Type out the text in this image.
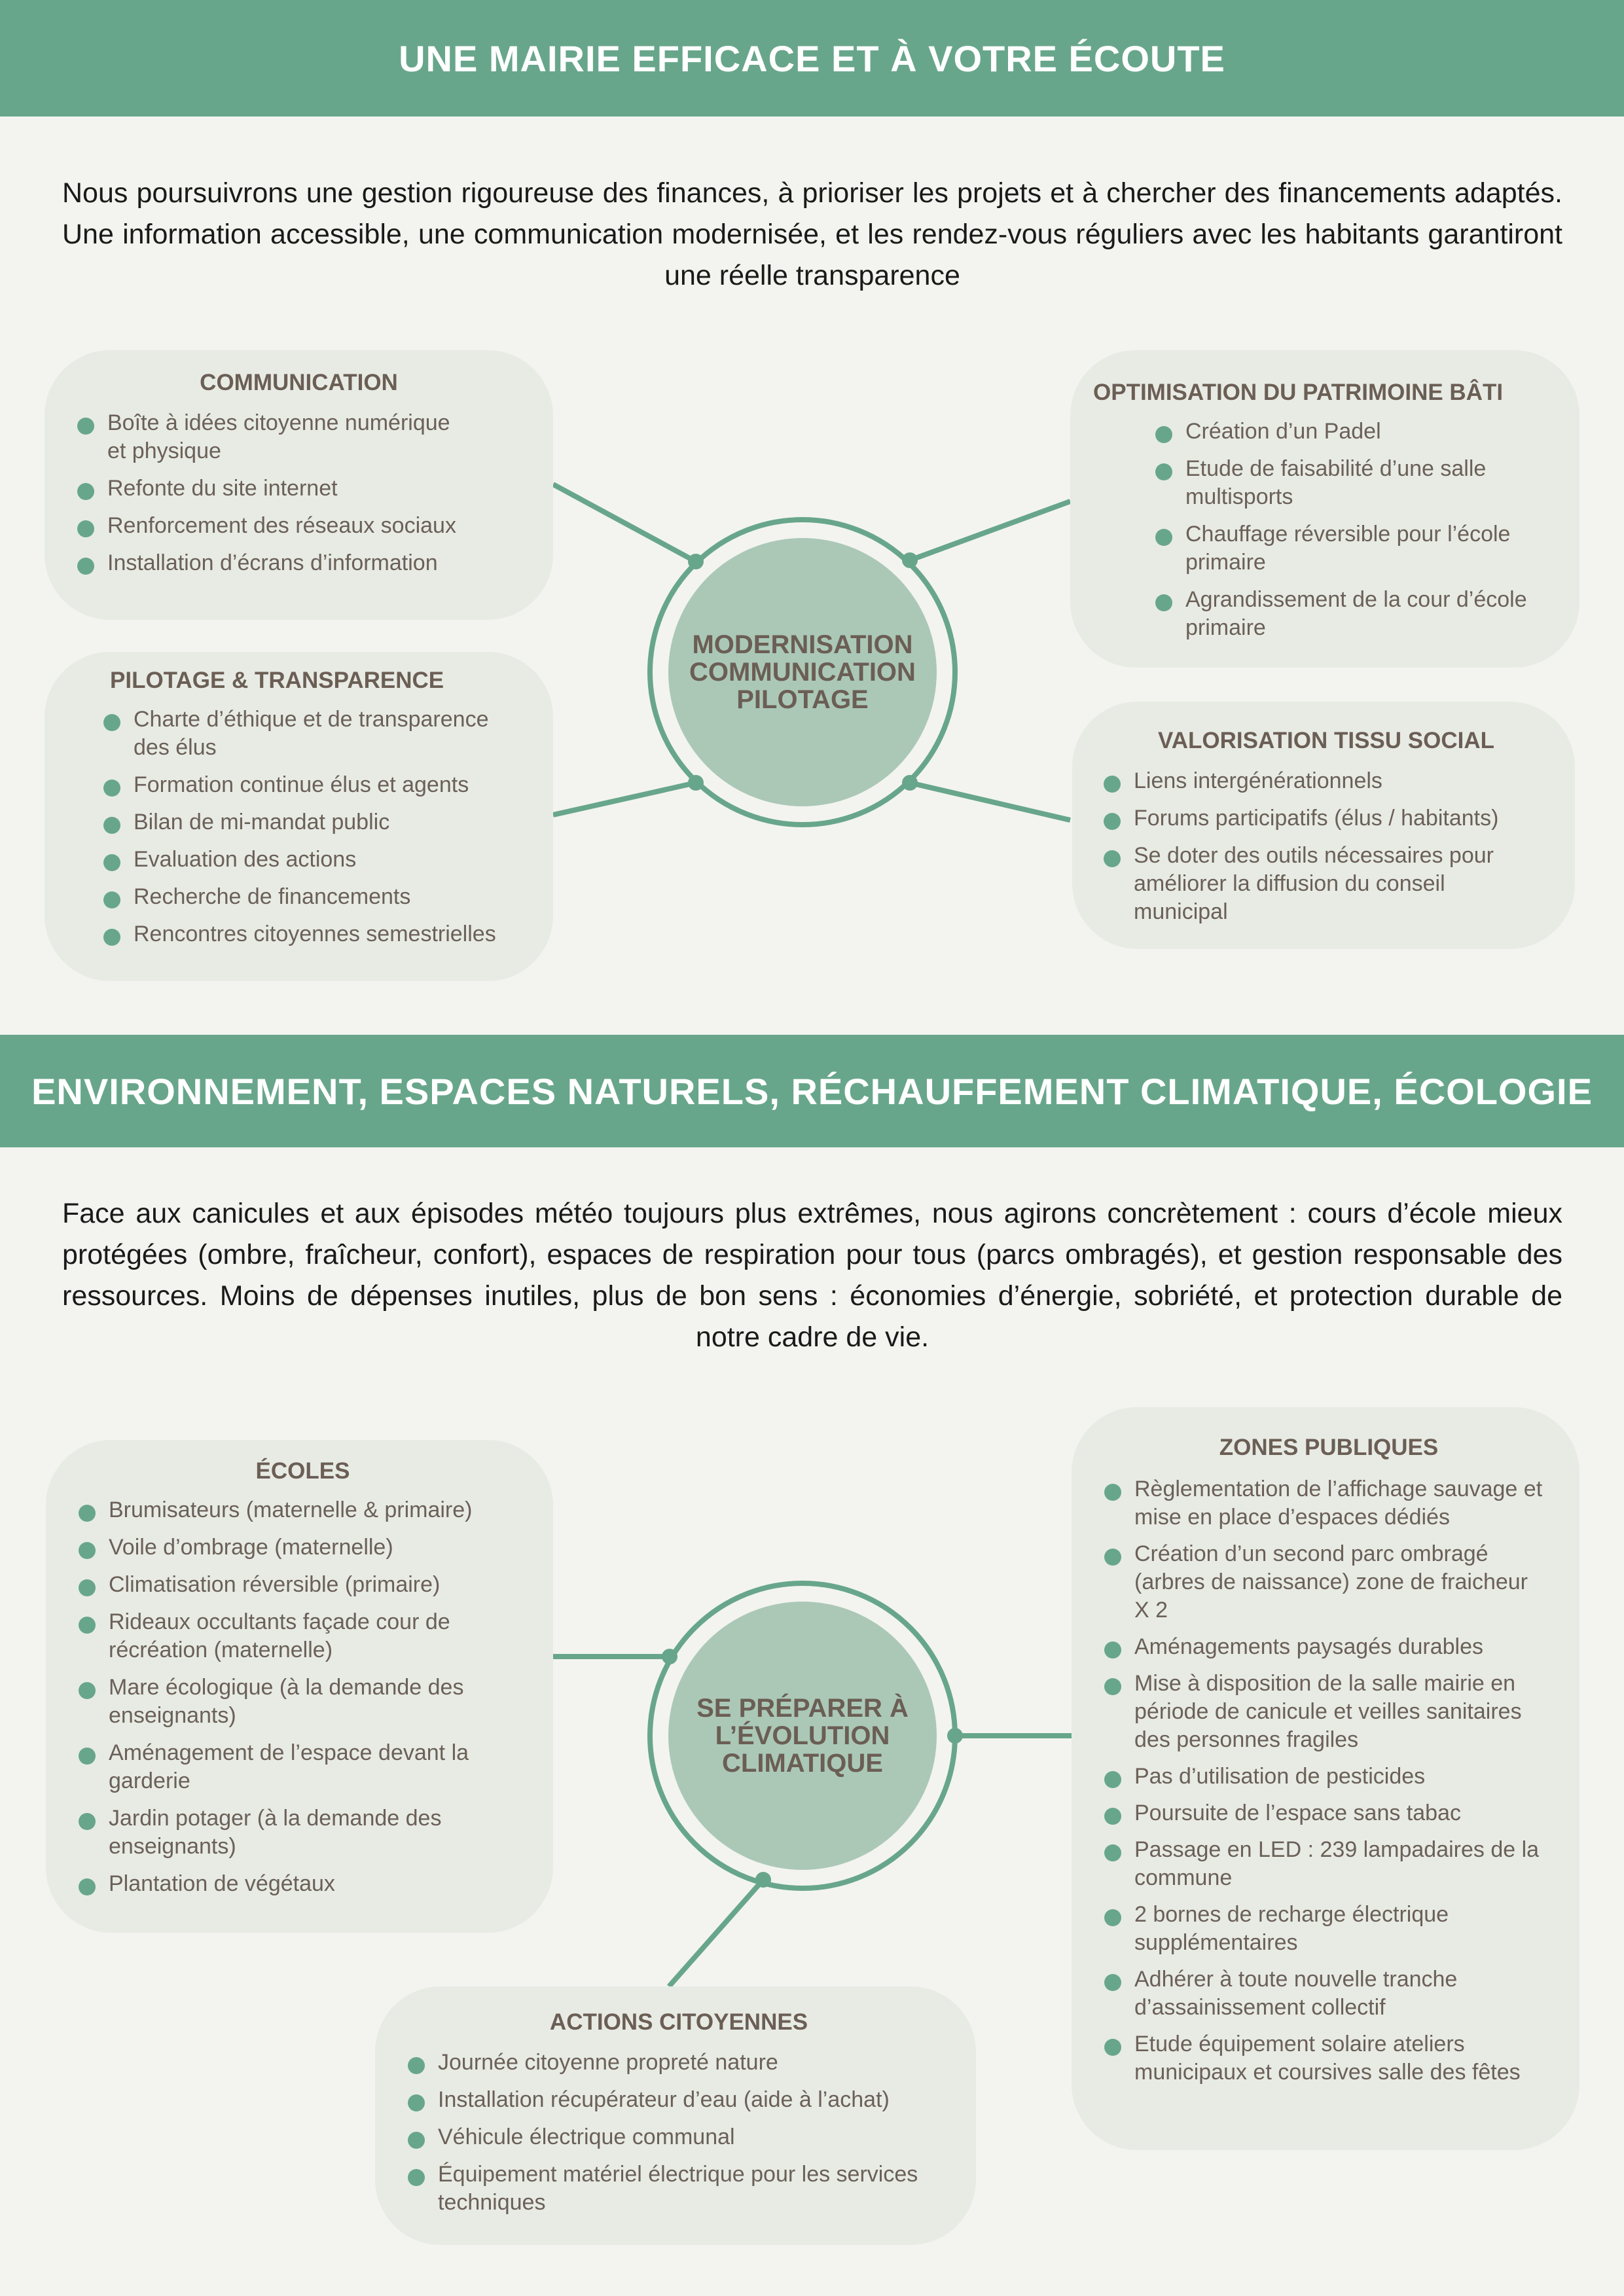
UNE MAIRIE EFFICACE ET À VOTRE ÉCOUTE
Nous poursuivrons une gestion rigoureuse des finances, à prioriser les projets et à chercher des financements adaptés. Une information accessible, une communication modernisée, et les rendez-vous réguliers avec les habitants garantiront une réelle transparence
MODERNISATION
COMMUNICATION
PILOTAGE
COMMUNICATION
Boîte à idées citoyenne numérique et physique
Refonte du site internet
Renforcement des réseaux sociaux
Installation d’écrans d’information
PILOTAGE & TRANSPARENCE
Charte d’éthique et de transparence des élus
Formation continue élus et agents
Bilan de mi-mandat public
Evaluation des actions
Recherche de financements
Rencontres citoyennes semestrielles
OPTIMISATION DU PATRIMOINE BÂTI
Création d’un Padel
Etude de faisabilité d’une salle multisports
Chauffage réversible pour l’école primaire
Agrandissement de la cour d’école primaire
VALORISATION TISSU SOCIAL
Liens intergénérationnels
Forums participatifs (élus / habitants)
Se doter des outils nécessaires pour améliorer la diffusion du conseil municipal
ENVIRONNEMENT, ESPACES NATURELS, RÉCHAUFFEMENT CLIMATIQUE, ÉCOLOGIE
Face aux canicules et aux épisodes météo toujours plus extrêmes, nous agirons concrètement : cours d’école mieux protégées (ombre, fraîcheur, confort), espaces de respiration pour tous (parcs ombragés), et gestion responsable des ressources. Moins de dépenses inutiles, plus de bon sens : économies d’énergie, sobriété, et protection durable de notre cadre de vie.
SE PRÉPARER À
L’ÉVOLUTION
CLIMATIQUE
ÉCOLES
Brumisateurs (maternelle & primaire)
Voile d’ombrage (maternelle)
Climatisation réversible (primaire)
Rideaux occultants façade cour de récréation (maternelle)
Mare écologique (à la demande des enseignants)
Aménagement de l’espace devant la garderie
Jardin potager (à la demande des enseignants)
Plantation de végétaux
ZONES PUBLIQUES
Règlementation de l’affichage sauvage et mise en place d’espaces dédiés
Création d’un second parc ombragé (arbres de naissance) zone de fraicheur X 2
Aménagements paysagés durables
Mise à disposition de la salle mairie en période de canicule et veilles sanitaires des personnes fragiles
Pas d’utilisation de pesticides
Poursuite de l’espace sans tabac
Passage en LED : 239 lampadaires de la commune
2 bornes de recharge électrique supplémentaires
Adhérer à toute nouvelle tranche d’assainissement collectif
Etude équipement solaire ateliers municipaux et coursives salle des fêtes
ACTIONS CITOYENNES
Journée citoyenne propreté nature
Installation récupérateur d’eau (aide à l’achat)
Véhicule électrique communal
Équipement matériel électrique pour les services techniques
